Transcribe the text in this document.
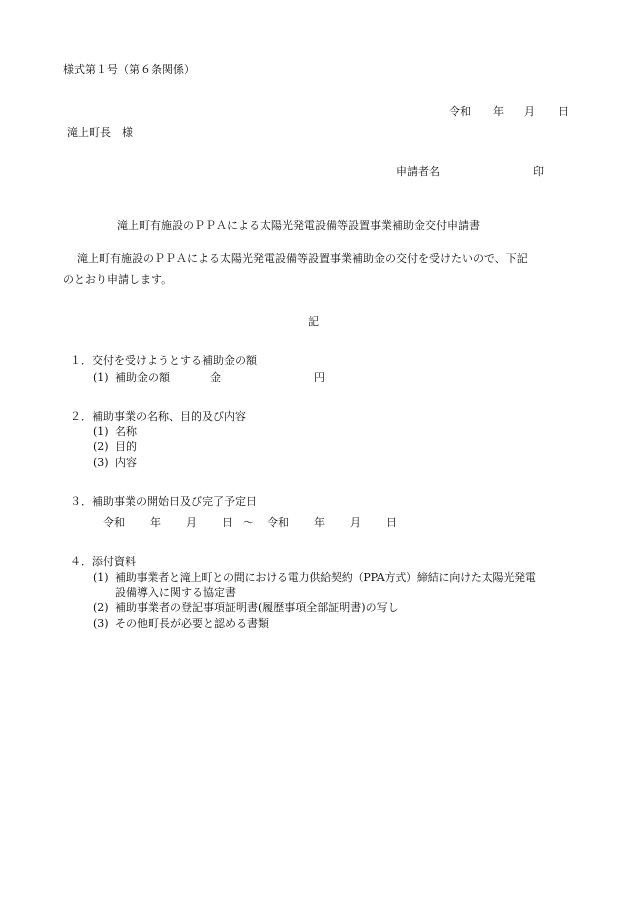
様式第１号（第６条関係）
令和 年 月 日
滝上町長　様
申請者名	印
滝上町有施設のＰＰＡによる太陽光発電設備等設置事業補助金交付申請書
滝上町有施設のＰＰＡによる太陽光発電設備等設置事業補助金の交付を受けたいので、下記
のとおり申請します。
記
１．交付を受けようとする補助金の額
(1) 補助金の額	金	円
２．補助事業の名称、目的及び内容
(1) 名称
(2) 目的
(3) 内容
３．補助事業の開始日及び完了予定日
令和 年 月 日 ～ 令和 年 月 日
４．添付資料
(1) 補助事業者と滝上町との間における電力供給契約（PPA方式）締結に向けた太陽光発電
設備導入に関する協定書
(2) 補助事業者の登記事項証明書(履歴事項全部証明書)の写し
(3) その他町長が必要と認める書類
